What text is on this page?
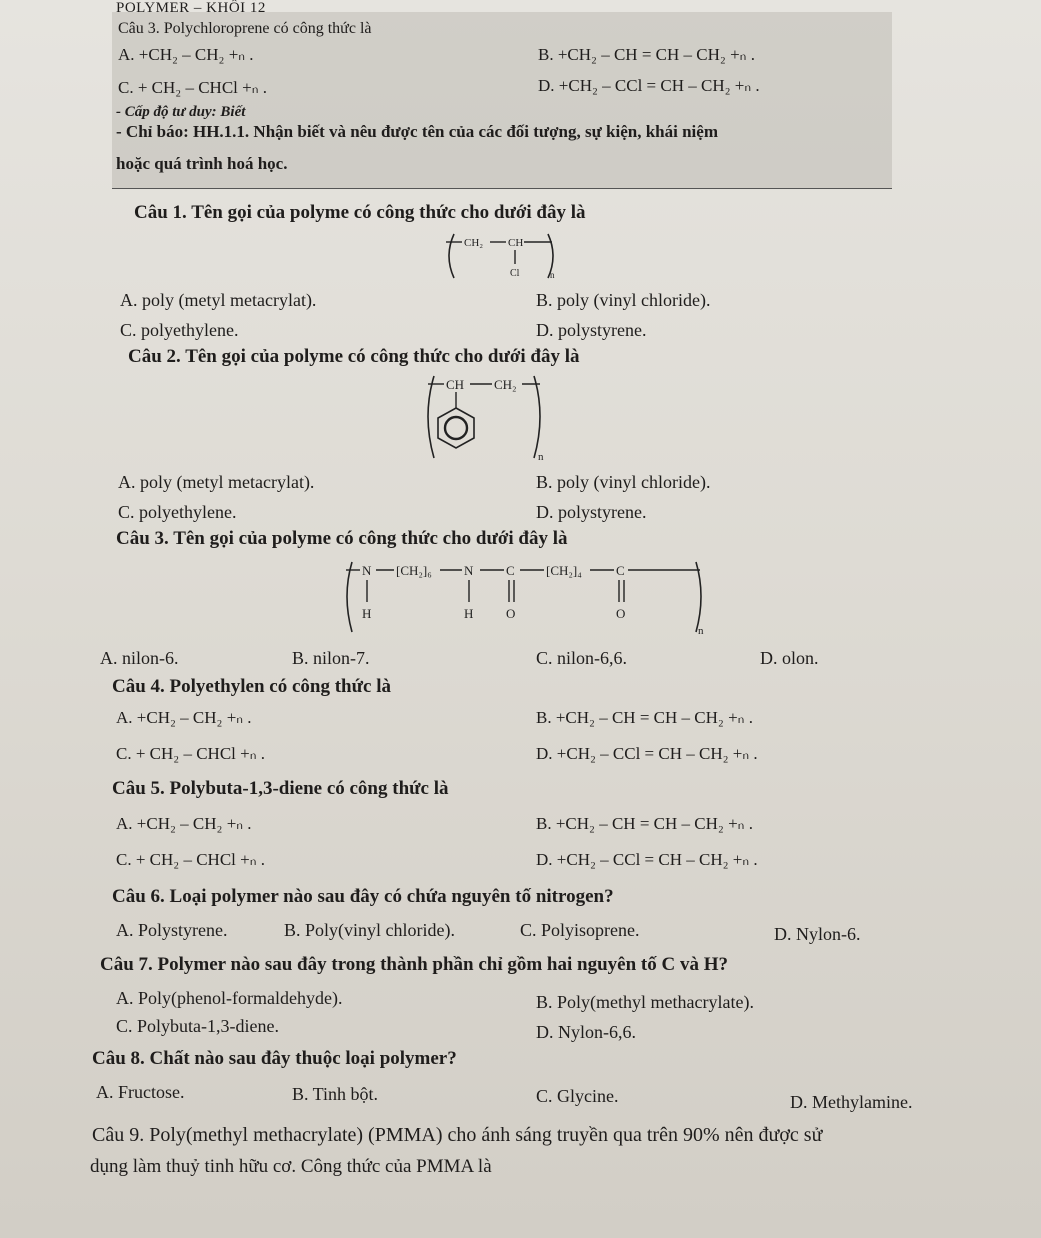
POLYMER – KHỐI 12
Câu 3. Polychloroprene có công thức là
A. +CH₂ – CH₂ +ₙ .	B. +CH₂ – CH = CH – CH₂ +ₙ .
C. + CH₂ – CHCl +ₙ .	D. +CH₂ – CCl = CH – CH₂ +ₙ .
- Cấp độ tư duy: Biết
- Chỉ báo: HH.1.1. Nhận biết và nêu được tên của các đối tượng, sự kiện, khái niệm
hoặc quá trình hoá học.
Câu 1. Tên gọi của polyme có công thức cho dưới đây là
CH₂ CH
Cl	n
A. poly (metyl metacrylat).	B. poly (vinyl chloride).
C. polyethylene.	D. polystyrene.
Câu 2. Tên gọi của polyme có công thức cho dưới đây là
CH CH₂
n
A. poly (metyl metacrylat).	B. poly (vinyl chloride).
C. polyethylene.	D. polystyrene.
Câu 3. Tên gọi của polyme có công thức cho dưới đây là
N [CH₂]₆ N	C [CH₂]₄	C
H	H	O	O
n
A. nilon-6.	B. nilon-7.	C. nilon-6,6.	D. olon.
Câu 4. Polyethylen có công thức là
A. +CH₂ – CH₂ +ₙ .	B. +CH₂ – CH = CH – CH₂ +ₙ .
C. + CH₂ – CHCl +ₙ .	D. +CH₂ – CCl = CH – CH₂ +ₙ .
Câu 5. Polybuta-1,3-diene có công thức là
A. +CH₂ – CH₂ +ₙ .	B. +CH₂ – CH = CH – CH₂ +ₙ .
C. + CH₂ – CHCl +ₙ .	D. +CH₂ – CCl = CH – CH₂ +ₙ .
Câu 6. Loại polymer nào sau đây có chứa nguyên tố nitrogen?
A. Polystyrene.	B. Poly(vinyl chloride).	C. Polyisoprene.	D. Nylon-6.
Câu 7. Polymer nào sau đây trong thành phần chỉ gồm hai nguyên tố C và H?
A. Poly(phenol-formaldehyde).	B. Poly(methyl methacrylate).
C. Polybuta-1,3-diene.	D. Nylon-6,6.
Câu 8. Chất nào sau đây thuộc loại polymer?
A. Fructose.	B. Tinh bột.	C. Glycine.	D. Methylamine.
Câu 9. Poly(methyl methacrylate) (PMMA) cho ánh sáng truyền qua trên 90% nên được sử
dụng làm thuỷ tinh hữu cơ. Công thức của PMMA là
